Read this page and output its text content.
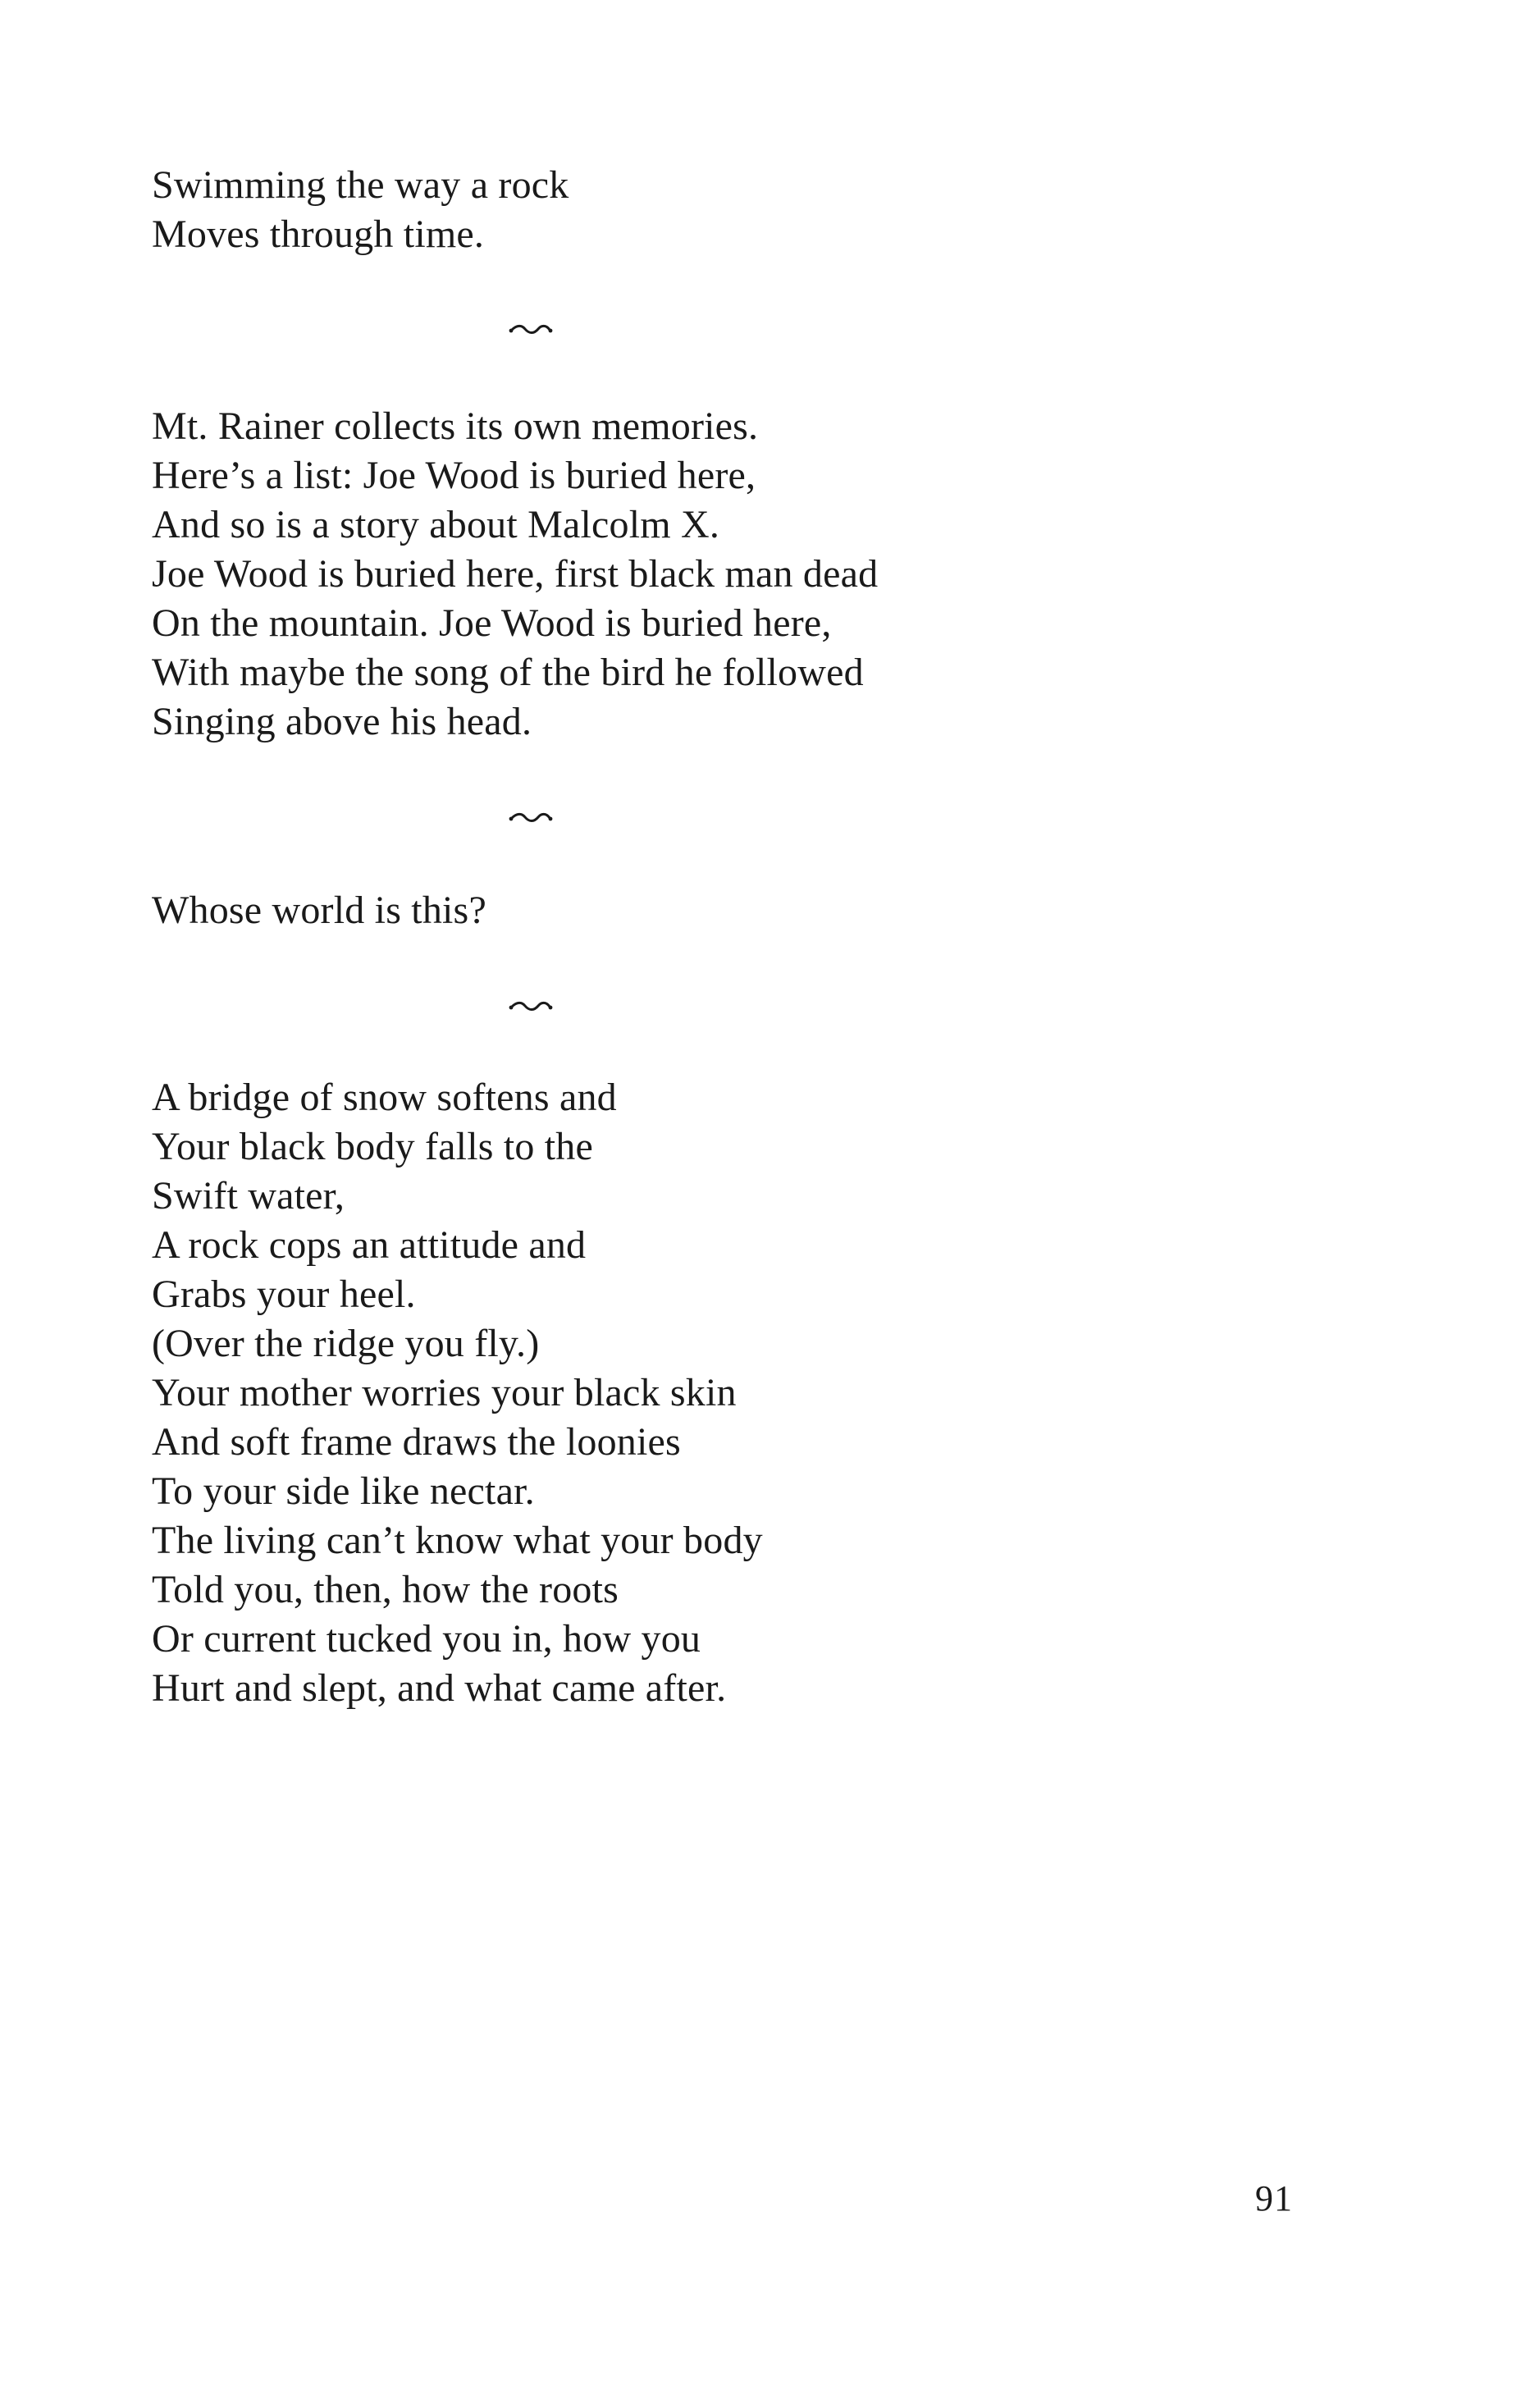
Swimming the way a rock
Moves through time.
Mt. Rainer collects its own memories.
Here’s a list: Joe Wood is buried here,
And so is a story about Malcolm X.
Joe Wood is buried here, first black man dead
On the mountain. Joe Wood is buried here,
With maybe the song of the bird he followed
Singing above his head.
Whose world is this?
A bridge of snow softens and
Your black body falls to the
Swift water,
A rock cops an attitude and
Grabs your heel.
(Over the ridge you fly.)
Your mother worries your black skin
And soft frame draws the loonies
To your side like nectar.
The living can’t know what your body
Told you, then, how the roots
Or current tucked you in, how you
Hurt and slept, and what came after.
91
